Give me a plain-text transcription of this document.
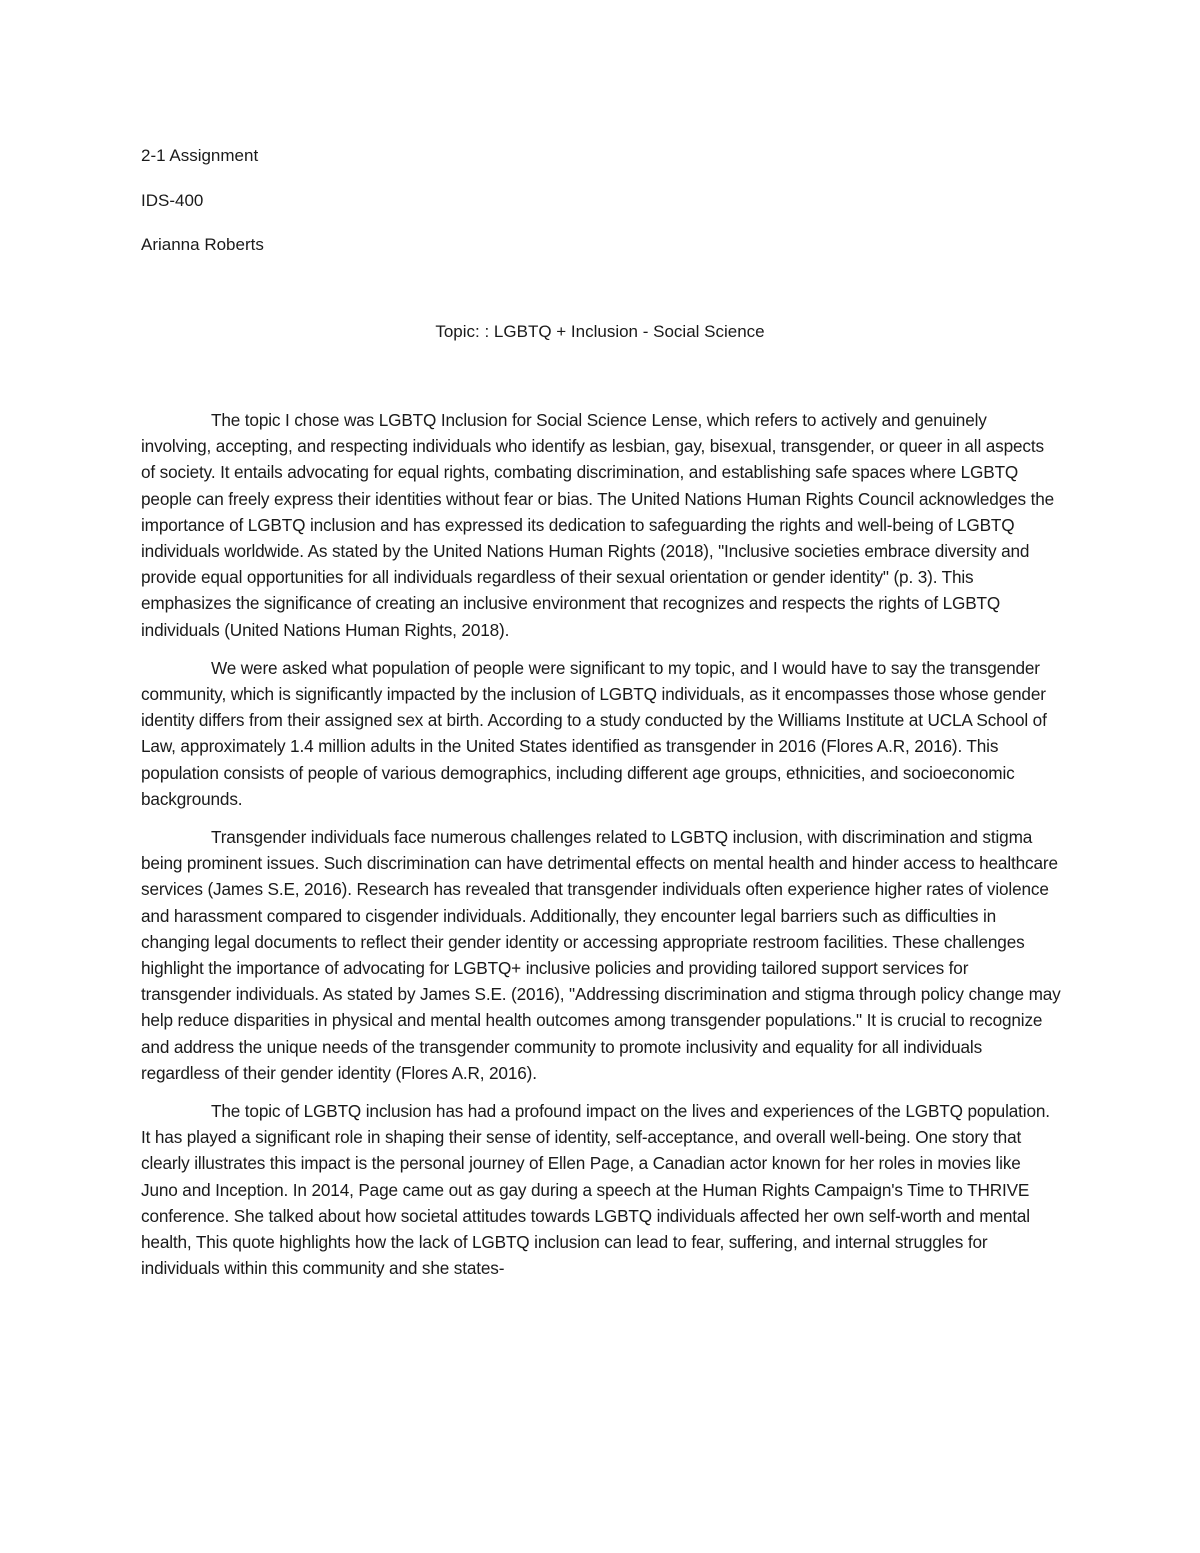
2-1 Assignment
IDS-400
Arianna Roberts
Topic: : LGBTQ + Inclusion - Social Science

The topic I chose was LGBTQ Inclusion for Social Science Lense, which refers to actively and genuinely involving, accepting, and respecting individuals who identify as lesbian, gay, bisexual, transgender, or queer in all aspects of society. It entails advocating for equal rights, combating discrimination, and establishing safe spaces where LGBTQ people can freely express their identities without fear or bias. The United Nations Human Rights Council acknowledges the importance of LGBTQ inclusion and has expressed its dedication to safeguarding the rights and well-being of LGBTQ individuals worldwide. As stated by the United Nations Human Rights (2018), "Inclusive societies embrace diversity and provide equal opportunities for all individuals regardless of their sexual orientation or gender identity" (p. 3). This emphasizes the significance of creating an inclusive environment that recognizes and respects the rights of LGBTQ individuals (United Nations Human Rights, 2018).

We were asked what population of people were significant to my topic, and I would have to say the transgender community, which is significantly impacted by the inclusion of LGBTQ individuals, as it encompasses those whose gender identity differs from their assigned sex at birth. According to a study conducted by the Williams Institute at UCLA School of Law, approximately 1.4 million adults in the United States identified as transgender in 2016 (Flores A.R, 2016). This population consists of people of various demographics, including different age groups, ethnicities, and socioeconomic backgrounds.

Transgender individuals face numerous challenges related to LGBTQ inclusion, with discrimination and stigma being prominent issues. Such discrimination can have detrimental effects on mental health and hinder access to healthcare services (James S.E, 2016). Research has revealed that transgender individuals often experience higher rates of violence and harassment compared to cisgender individuals. Additionally, they encounter legal barriers such as difficulties in changing legal documents to reflect their gender identity or accessing appropriate restroom facilities. These challenges highlight the importance of advocating for LGBTQ+ inclusive policies and providing tailored support services for transgender individuals. As stated by James S.E. (2016), "Addressing discrimination and stigma through policy change may help reduce disparities in physical and mental health outcomes among transgender populations." It is crucial to recognize and address the unique needs of the transgender community to promote inclusivity and equality for all individuals regardless of their gender identity (Flores A.R, 2016).

The topic of LGBTQ inclusion has had a profound impact on the lives and experiences of the LGBTQ population. It has played a significant role in shaping their sense of identity, self-acceptance, and overall well-being. One story that clearly illustrates this impact is the personal journey of Ellen Page, a Canadian actor known for her roles in movies like Juno and Inception. In 2014, Page came out as gay during a speech at the Human Rights Campaign's Time to THRIVE conference. She talked about how societal attitudes towards LGBTQ individuals affected her own self-worth and mental health, This quote highlights how the lack of LGBTQ inclusion can lead to fear, suffering, and internal struggles for individuals within this community and she states-
